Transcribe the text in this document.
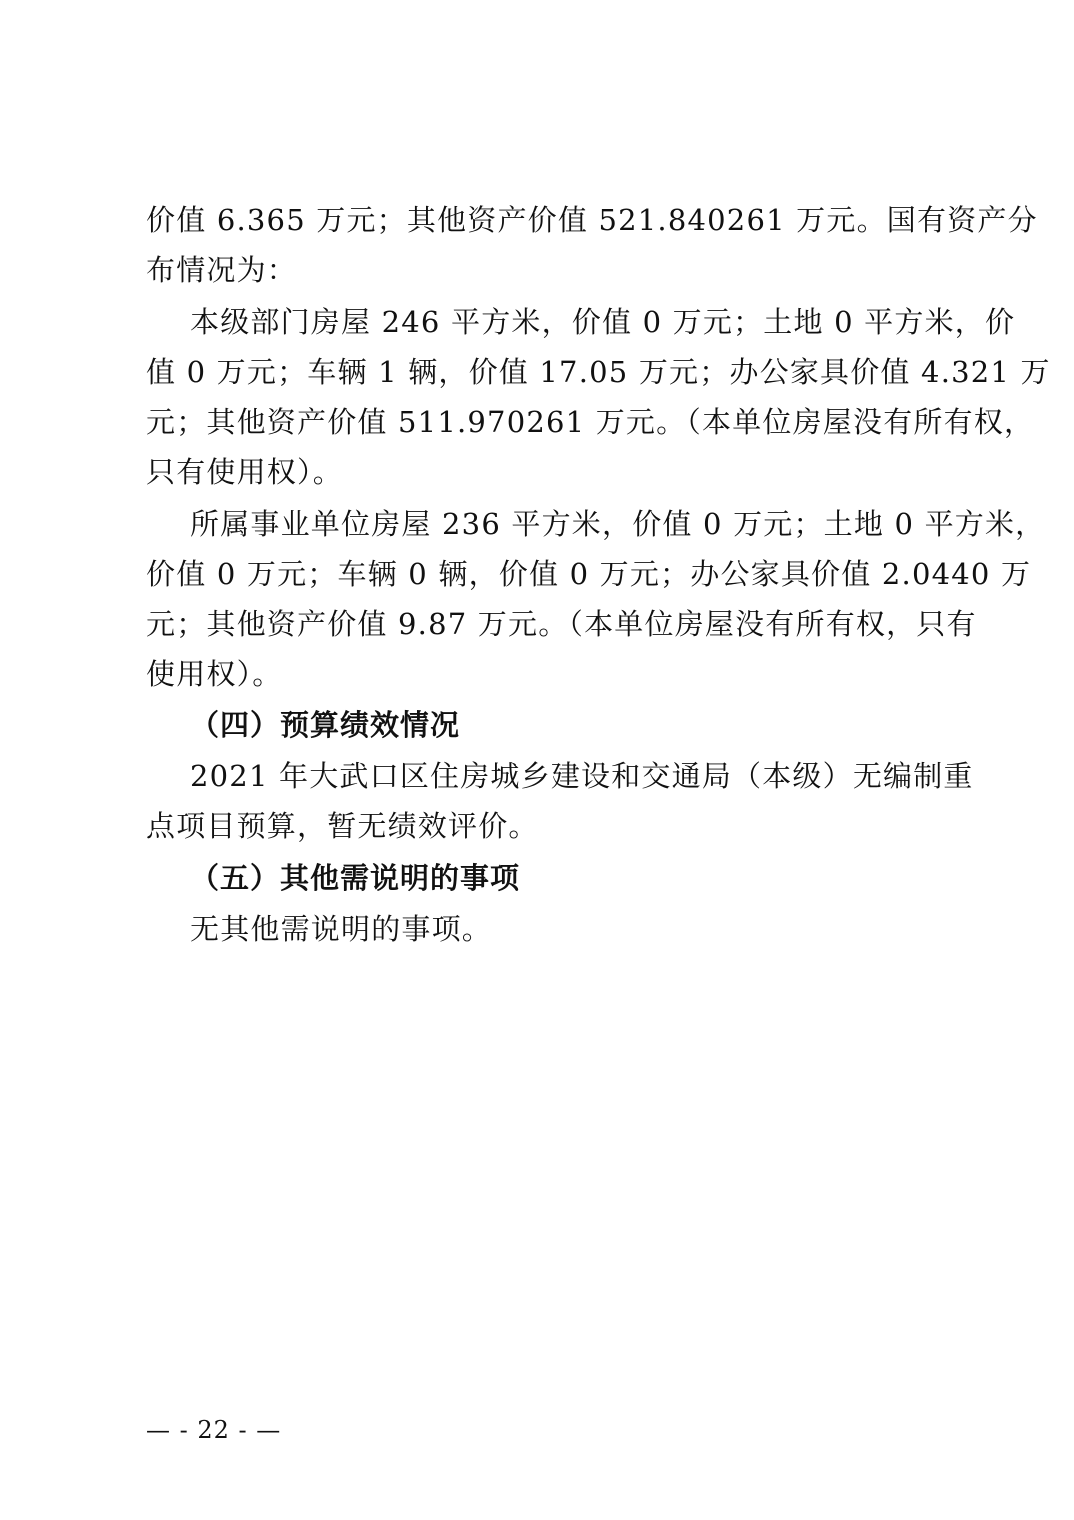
价值 6.365 万元；其他资产价值 521.840261 万元。国有资产分
布情况为：
本级部门房屋 246 平方米，价值 0 万元；土地 0 平方米，价
值 0 万元；车辆 1 辆，价值 17.05 万元；办公家具价值 4.321 万
元；其他资产价值 511.970261 万元。（本单位房屋没有所有权，
只有使用权）。
所属事业单位房屋 236 平方米，价值 0 万元；土地 0 平方米，
价值 0 万元；车辆 0 辆，价值 0 万元；办公家具价值 2.0440 万
元；其他资产价值 9.87 万元。（本单位房屋没有所有权，只有
使用权）。
（四）预算绩效情况
2021 年大武口区住房城乡建设和交通局（本级）无编制重
点项目预算，暂无绩效评价。
（五）其他需说明的事项
无其他需说明的事项。
— - 22 - —
